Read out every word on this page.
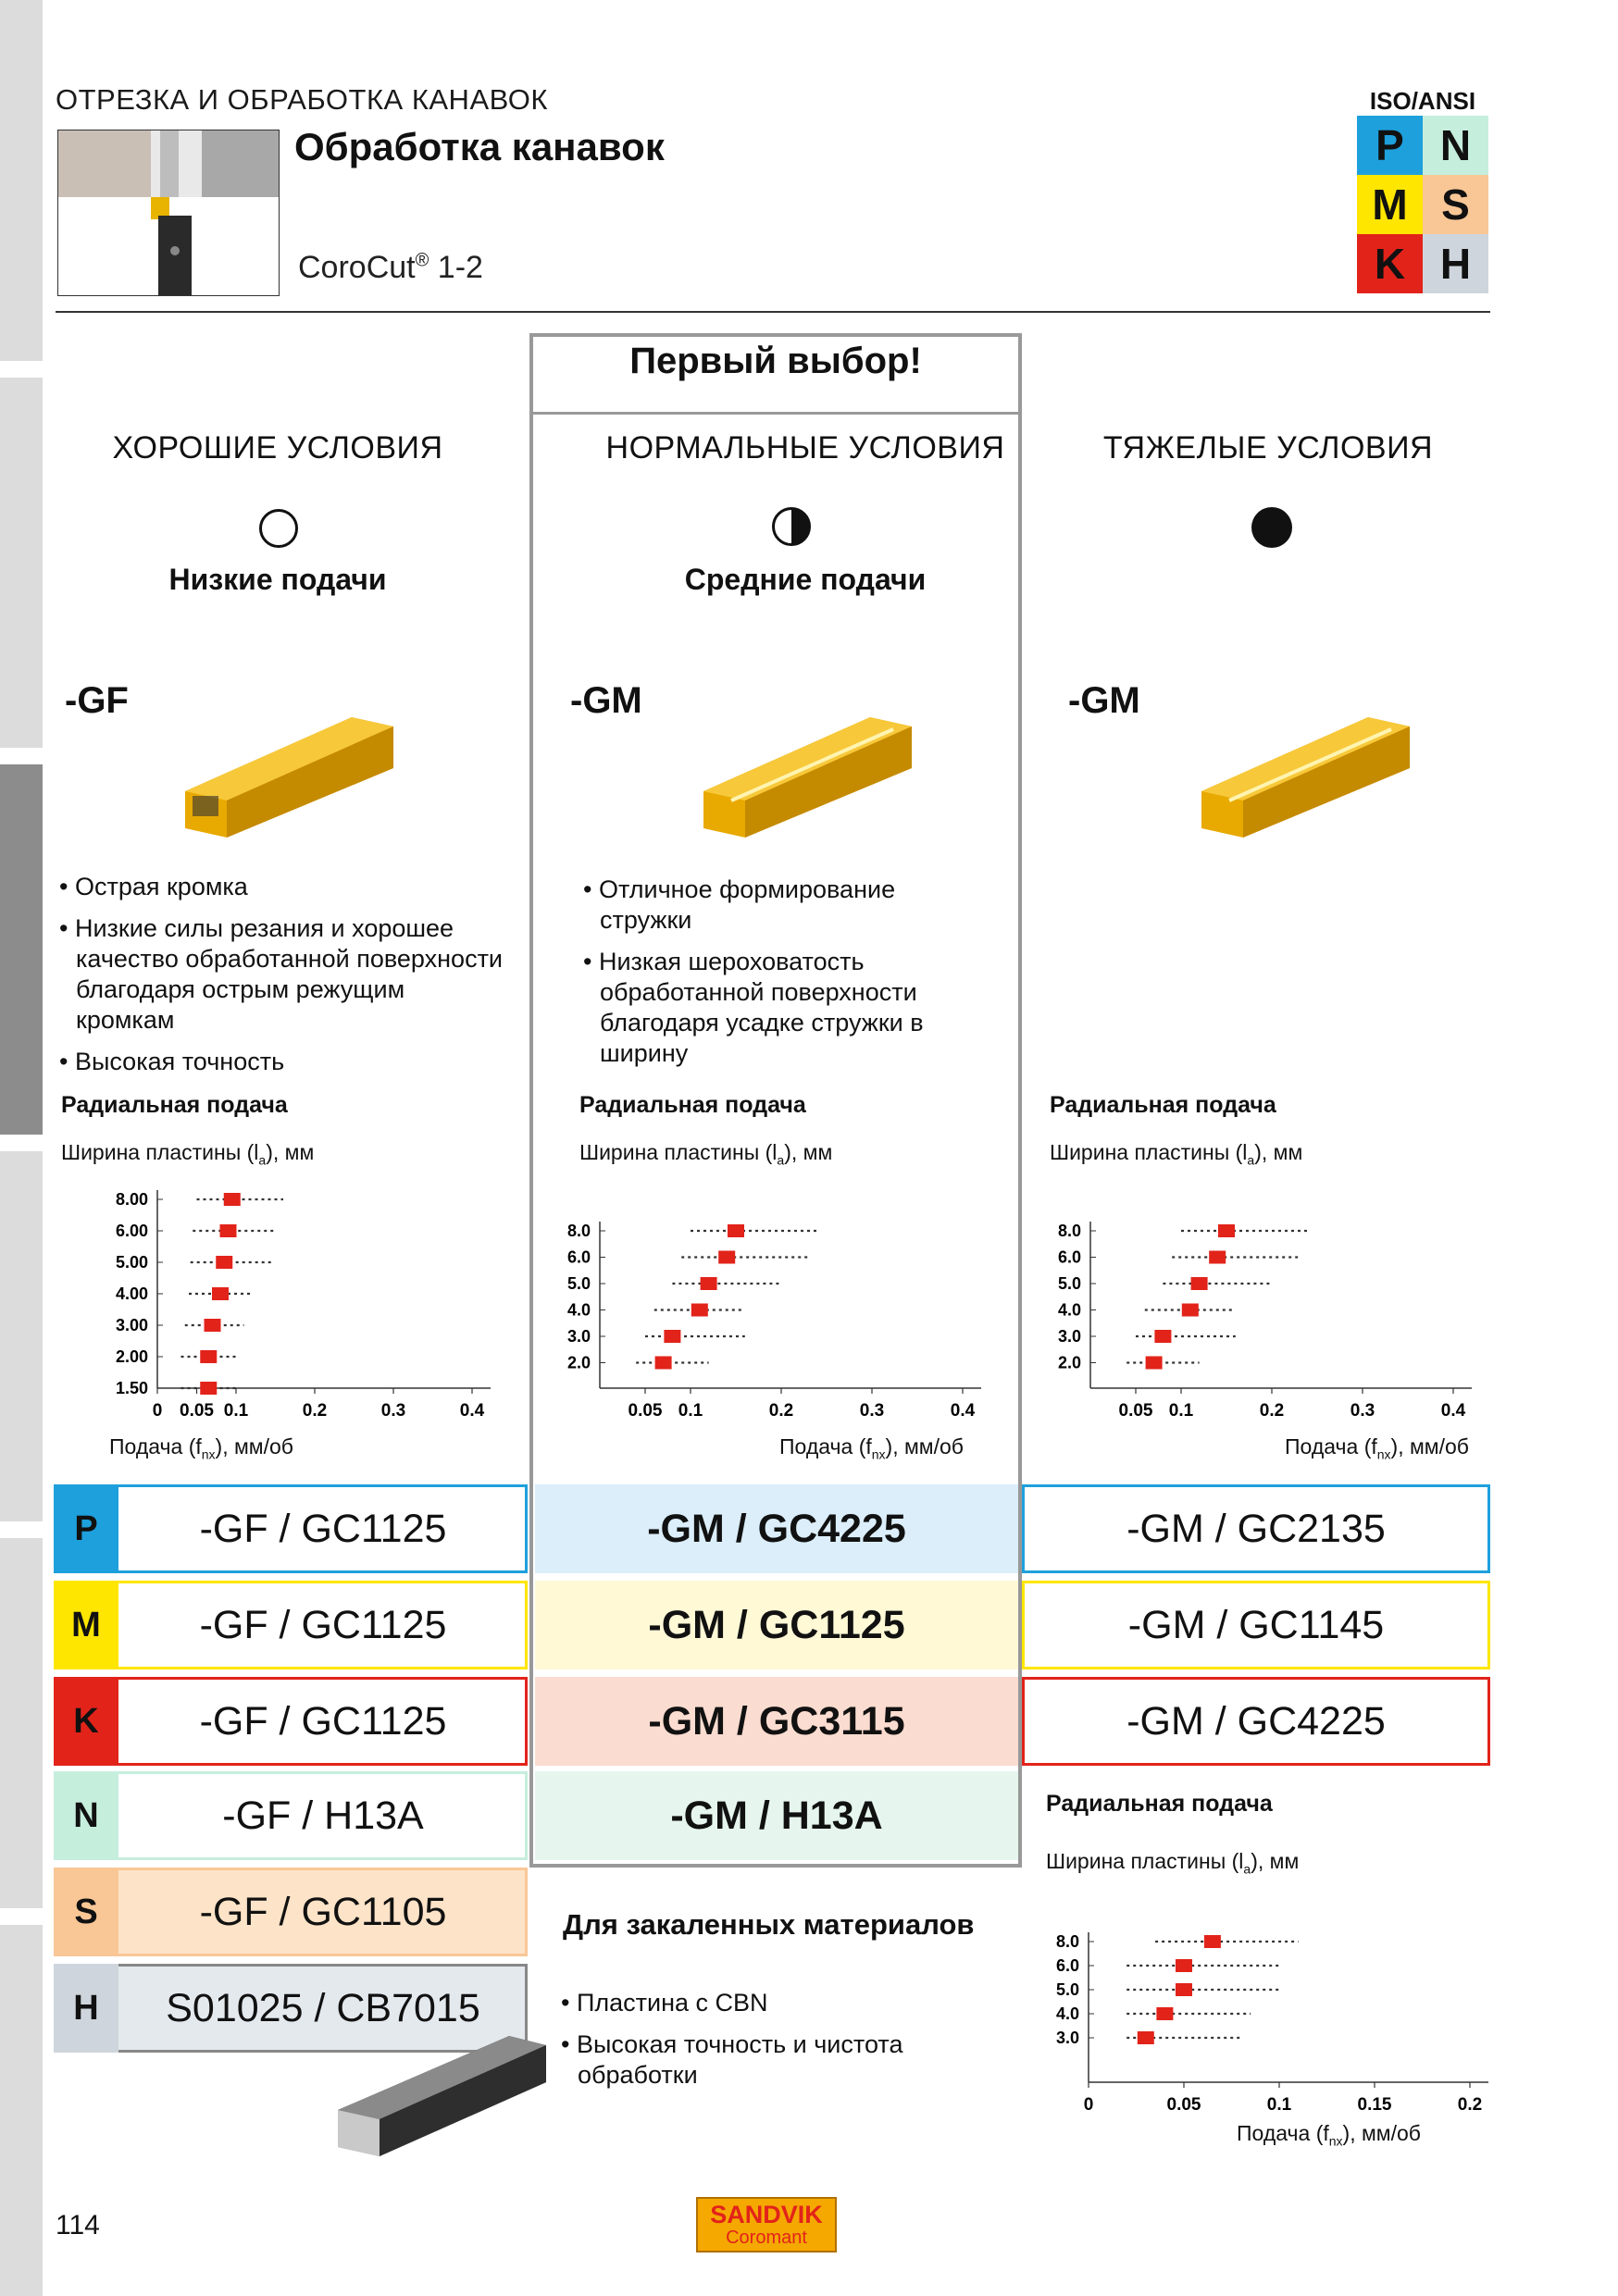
ОТРЕЗКА И ОБРАБОТКА КАНАВОК
Обработка канавок
CoroCut® 1-2
ISO/ANSI
P N
M S
K H
Первый выбор!
ХОРОШИЕ УСЛОВИЯ	НОРМАЛЬНЫЕ УСЛОВИЯ	ТЯЖЕЛЫЕ УСЛОВИЯ
Низкие подачи	Средние подачи
-GF	-GM	-GM
• Острая кромка
• Низкие силы резания и хорошее качество обработанной поверхности благодаря острым режущим кромкам
• Высокая точность
• Отличное формирование стружки
• Низкая шероховатость обработанной поверхности благодаря усадке стружки в ширину
Радиальная подача	Радиальная подача	Радиальная подача
Ширина пластины $(l_a)$, мм	Ширина пластины $(l_a)$, мм	Ширина пластины $(l_a)$, мм
0 0.05 0.1	0.2	0.3	0.4
8.00
6.00
5.00
4.00
3.00
2.00
1.50
0.05 0.1	0.2	0.3	0.4
8.0
6.0
5.0
4.0
3.0
2.0
0.05 0.1	0.2	0.3	0.4
8.0
6.0
5.0
4.0
3.0
2.0
Подача $(f_{nx})$, мм/об	Подача $(f_{nx})$, мм/об	Подача $(f_{nx})$, мм/об
P	-GF / GC1125	-GM / GC4225	-GM / GC2135
M	-GF / GC1125	-GM / GC1125	-GM / GC1145
K	-GF / GC1125	-GM / GC3115	-GM / GC4225
N	-GF / H13A	-GM / H13A
S	-GF / GC1105
H	S01025 / CB7015
Для закаленных материалов
• Пластина с CBN
• Высокая точность и чистота обработки
Радиальная подача
Ширина пластины $(l_a)$, мм
0	0.05	0.1	0.15	0.2
8.0
6.0
5.0
4.0
3.0
Подача $(f_{nx})$, мм/об
114	SANDVIK
Coromant
